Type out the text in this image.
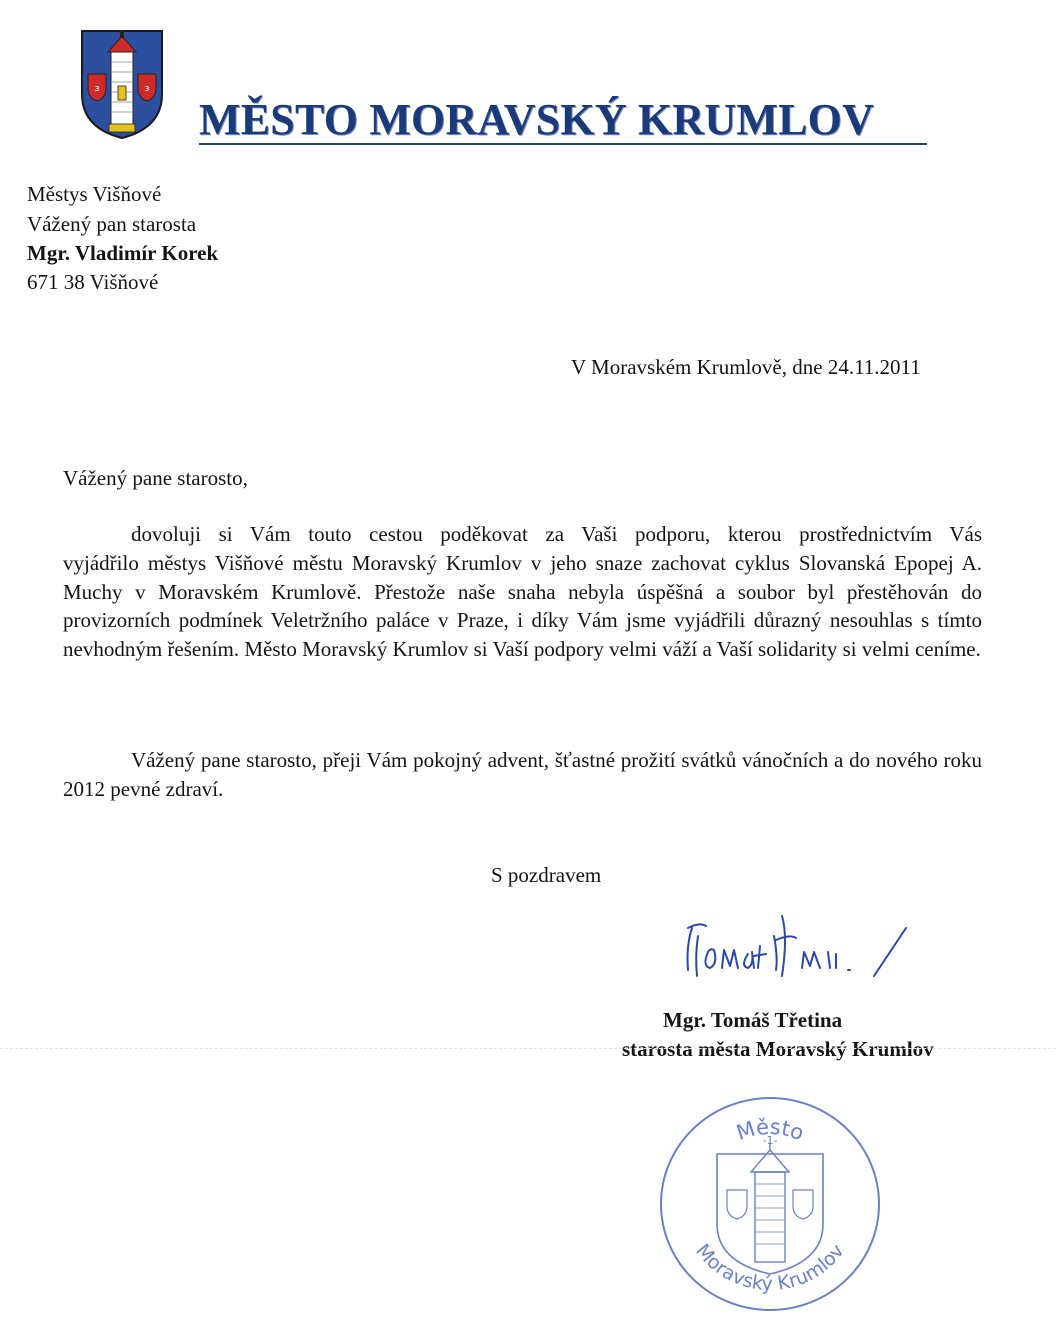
ɜ	ɜ
MĚSTO MORAVSKÝ KRUMLOV

Městys Višňové

Vážený pan starosta

Mgr. Vladimír Korek

671 38 Višňové

V Moravském Krumlově, dne 24.11.2011

Vážený pane starosto,

dovoluji si Vám touto cestou poděkovat za Vaši podporu, kterou prostřednictvím Vás

vyjádřilo městys Višňové městu Moravský Krumlov v jeho snaze zachovat cyklus Slovanská Epopej A. Muchy v Moravském Krumlově. Přestože naše snaha nebyla úspěšná a soubor byl přestěhován do provizorních podmínek Veletržního paláce v Praze, i díky Vám jsme vyjádřili důrazný nesouhlas s tímto nevhodným řešením. Město Moravský Krumlov si Vaší podpory velmi váží a Vaší solidarity si velmi ceníme.

Vážený pane starosto, přeji Vám pokojný advent, šťastné prožití svátků vánočních a do nového roku 2012 pevné zdraví.

S pozdravem

Mgr. Tomáš Třetina

starosta města Moravský Krumlov

Město
-1-
Moravský Krumlov
